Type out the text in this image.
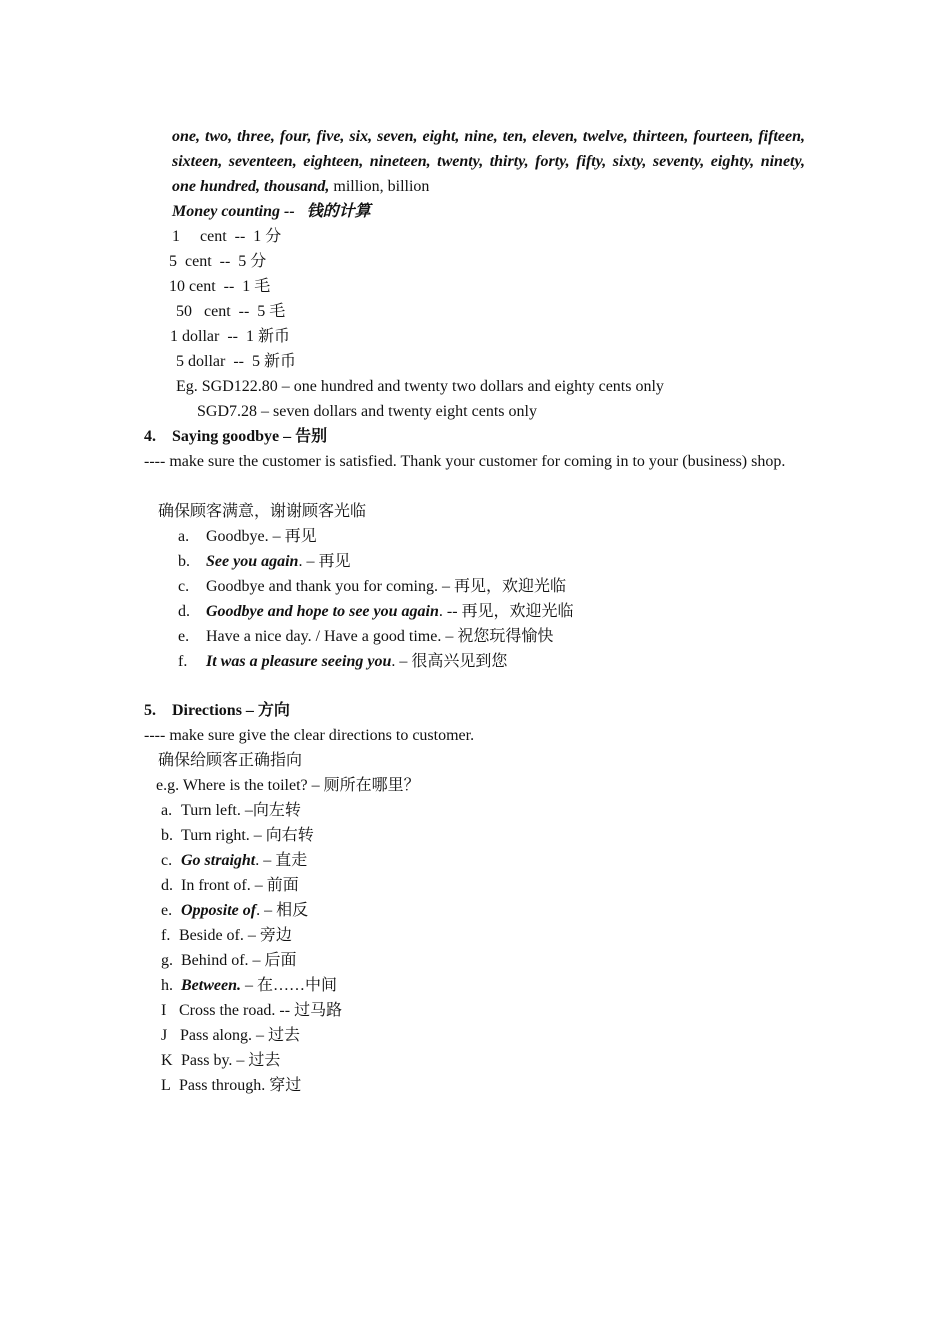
one, two, three, four, five, six, seven, eight, nine, ten, eleven, twelve, thirteen, fourteen, fifteen, sixteen, seventeen, eighteen, nineteen, twenty, thirty, forty, fifty, sixty, seventy, eighty, ninety, one hundred, thousand, million, billion
Money counting --   钱的计算
1     cent  --  1 分
5  cent  --  5 分
10 cent  --  1 毛
50   cent  --  5 毛
1 dollar  --  1 新币
5 dollar  --  5 新币
Eg. SGD122.80 – one hundred and twenty two dollars and eighty cents only
SGD7.28 – seven dollars and twenty eight cents only
4. Saying goodbye – 告别
---- make sure the customer is satisfied. Thank your customer for coming in to your (business) shop.
确保顾客满意，谢谢顾客光临
a. Goodbye. – 再见
b. See you again. – 再见
c. Goodbye and thank you for coming. – 再见，欢迎光临
d. Goodbye and hope to see you again. -- 再见，欢迎光临
e. Have a nice day. / Have a good time. – 祝您玩得愉快
f. It was a pleasure seeing you. – 很高兴见到您
5. Directions – 方向
---- make sure give the clear directions to customer.
确保给顾客正确指向
e.g. Where is the toilet? – 厕所在哪里？
a. Turn left. –向左转
b. Turn right. – 向右转
c. Go straight. – 直走
d. In front of. – 前面
e. Opposite of. – 相反
f. Beside of. – 旁边
g. Behind of. – 后面
h. Between. – 在……中间
I Cross the road. -- 过马路
J Pass along. – 过去
K Pass by. – 过去
L Pass through. 穿过
